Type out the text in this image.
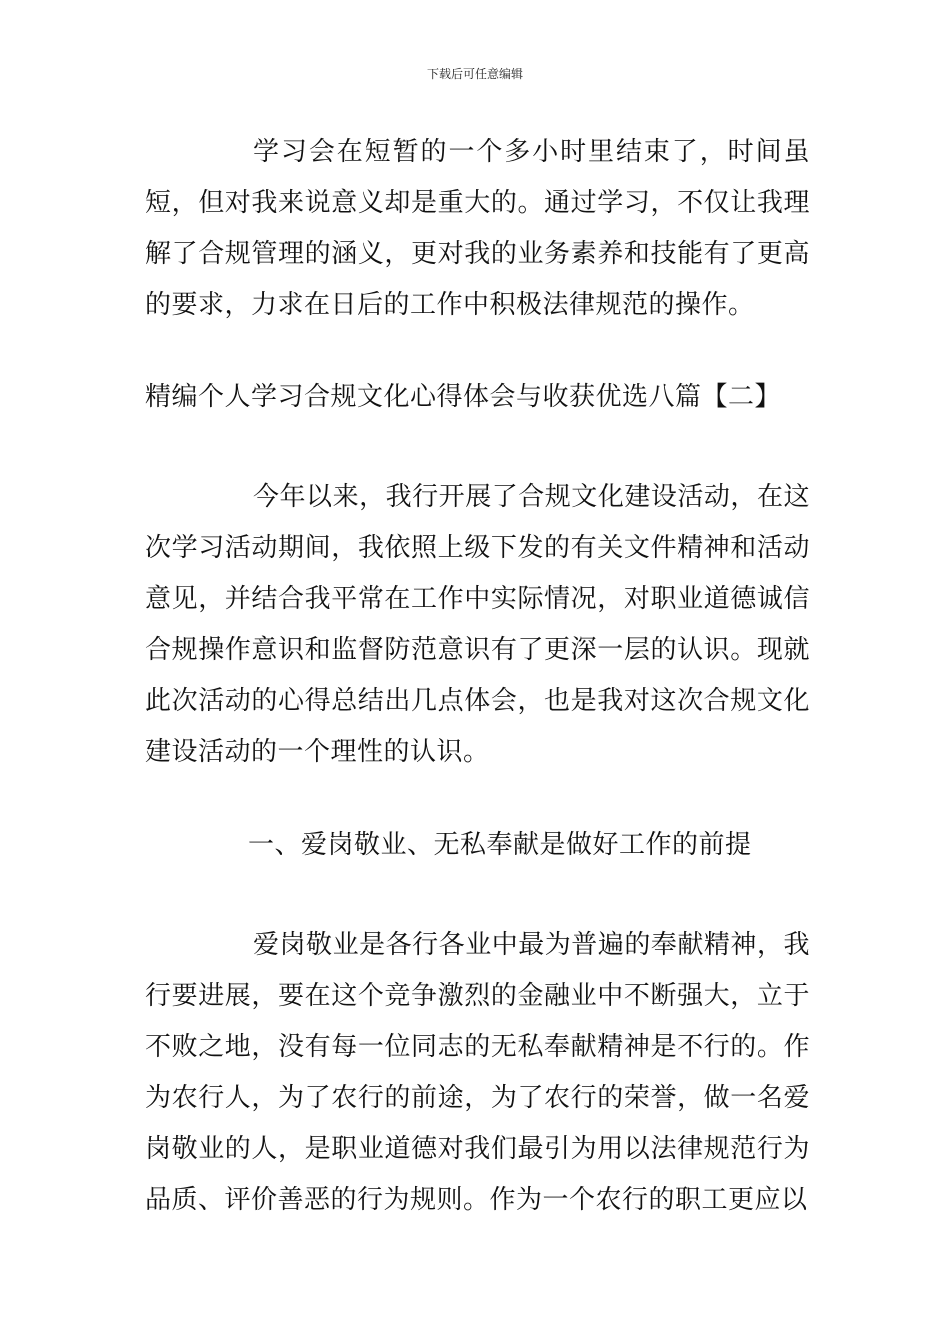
下载后可任意编辑

学习会在短暂的一个多小时里结束了，时间虽短，但对我来说意义却是重大的。通过学习，不仅让我理解了合规管理的涵义，更对我的业务素养和技能有了更高的要求，力求在日后的工作中积极法律规范的操作。

精编个人学习合规文化心得体会与收获优选八篇【二】

今年以来，我行开展了合规文化建设活动，在这次学习活动期间，我依照上级下发的有关文件精神和活动意见，并结合我平常在工作中实际情况，对职业道德诚信合规操作意识和监督防范意识有了更深一层的认识。现就此次活动的心得总结出几点体会，也是我对这次合规文化建设活动的一个理性的认识。

一、爱岗敬业、无私奉献是做好工作的前提

爱岗敬业是各行各业中最为普遍的奉献精神，我行要进展，要在这个竞争激烈的金融业中不断强大，立于不败之地，没有每一位同志的无私奉献精神是不行的。作为农行人，为了农行的前途，为了农行的荣誉，做一名爱岗敬业的人，是职业道德对我们最引为用以法律规范行为品质、评价善恶的行为规则。作为一个农行的职工更应以
